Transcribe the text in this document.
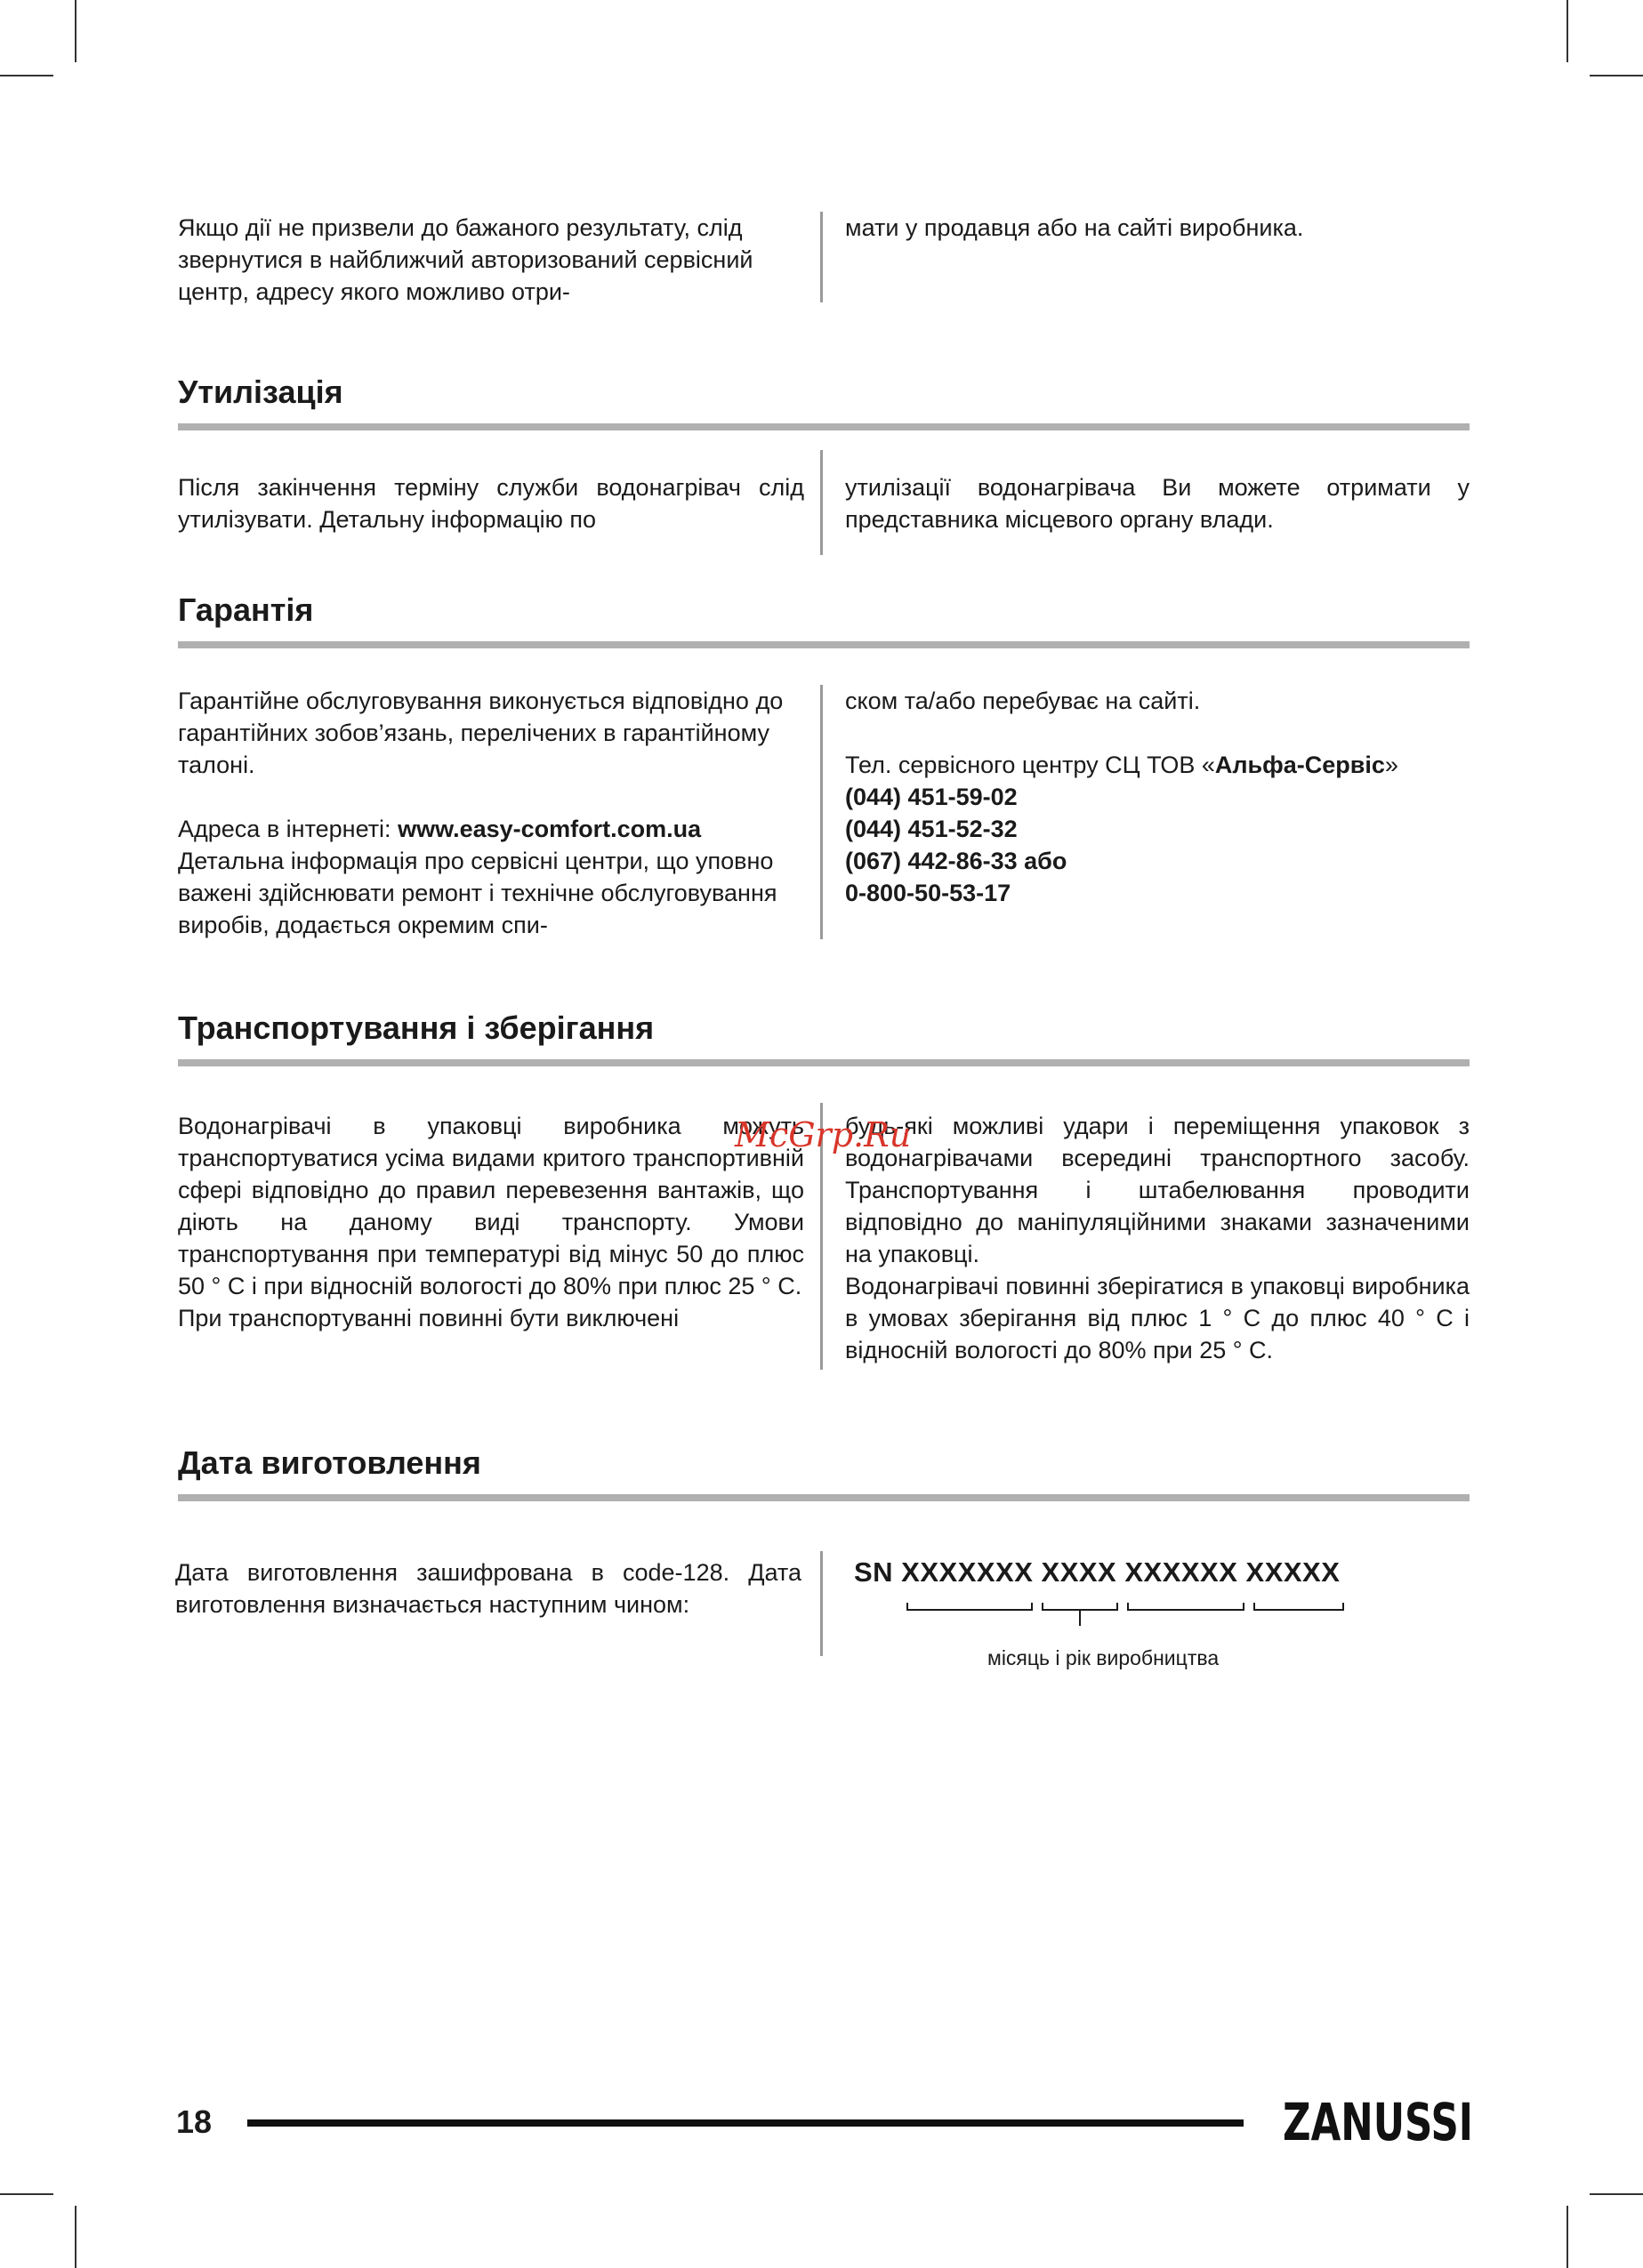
Якщо дії не призвели до бажаного результату, слід звернутися в найближчий авторизований сервісний центр, адресу якого можливо отри-

мати у продавця або на сайті виробника.

Утилізація

Після закінчення терміну служби водонагрівач слід утилізувати. Детальну інформацію по

утилізації водонагрівача Ви можете отримати у представника місцевого органу влади.

Гарантія

Гарантійне обслуговування виконується відповідно до гарантійних зобов’язань, перелічених в гарантійному талоні.

Адреса в інтернеті: www.easy-comfort.com.ua

Детальна інформація про сервісні центри, що уповно важені здійснювати ремонт і технічне обслуговування виробів, додається окремим спи-

ском та/або перебуває на сайті.

Тел. сервісного центру СЦ ТОВ «Альфа-Сервіс»

(044) 451-59-02

(044) 451-52-32

(067) 442-86-33 або

0-800-50-53-17

Транспортування і зберігання

Водонагрівачі в упаковці виробника можуть транспортуватися усіма видами критого транспортивній сфері відповідно до правил перевезення вантажів, що діють на даному виді транспорту. Умови транспортування при температурі від мінус 50 до плюс 50 ° С і при відносній вологості до 80% при плюс 25 ° С.

При транспортуванні повинні бути виключені

будь-які можливі удари і переміщення упаковок з водонагрівачами всередині транспортного засобу. Транспортування і штабелювання проводити відповідно до маніпуляційними знаками зазначеними на упаковці.

Водонагрівачі повинні зберігатися в упаковці виробника в умовах зберігання від плюс 1 ° С до плюс 40 ° С і відносній вологості до 80% при 25 ° С.

McGrp.Ru
Дата виготовлення

Дата виготовлення зашифрована в code-128. Дата виготовлення визначається наступним чином:

SN XXXXXXX XXXX XXXXXX XXXXX
місяць і рік виробництва
18	ZANUSSI
